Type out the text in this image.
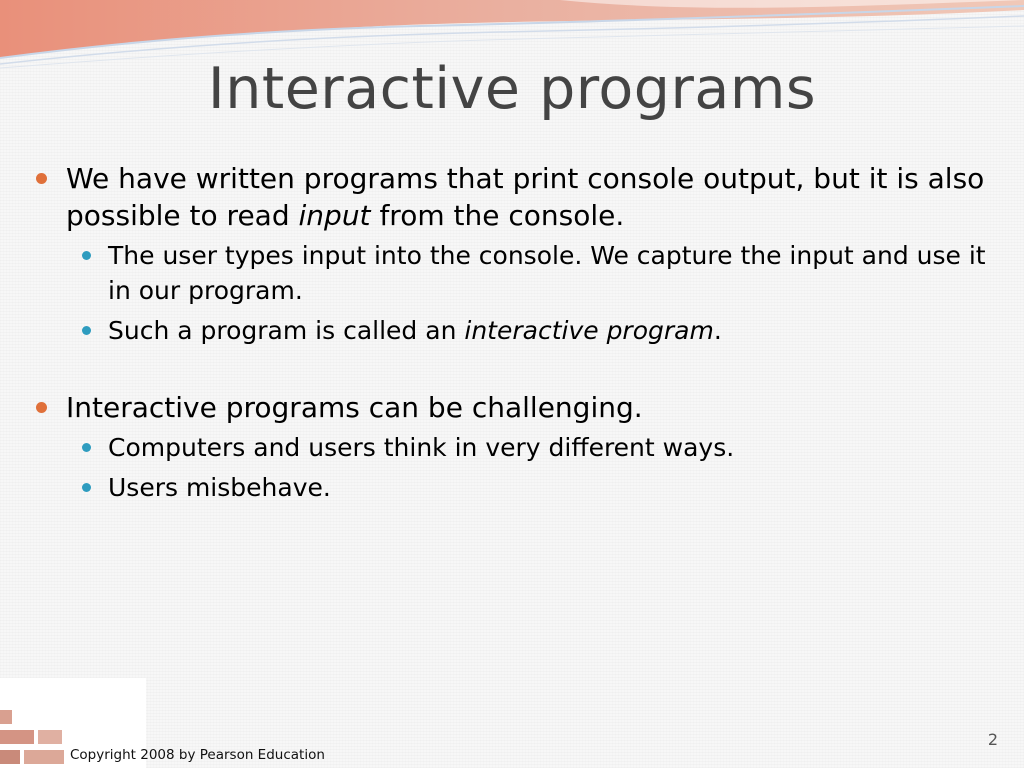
Interactive programs
We have written programs that print console output, but it is also possible to read input from the console.
The user types input into the console. We capture the input and use it in our program.
Such a program is called an interactive program.
Interactive programs can be challenging.
Computers and users think in very different ways.
Users misbehave.
Copyright 2008 by Pearson Education
2
